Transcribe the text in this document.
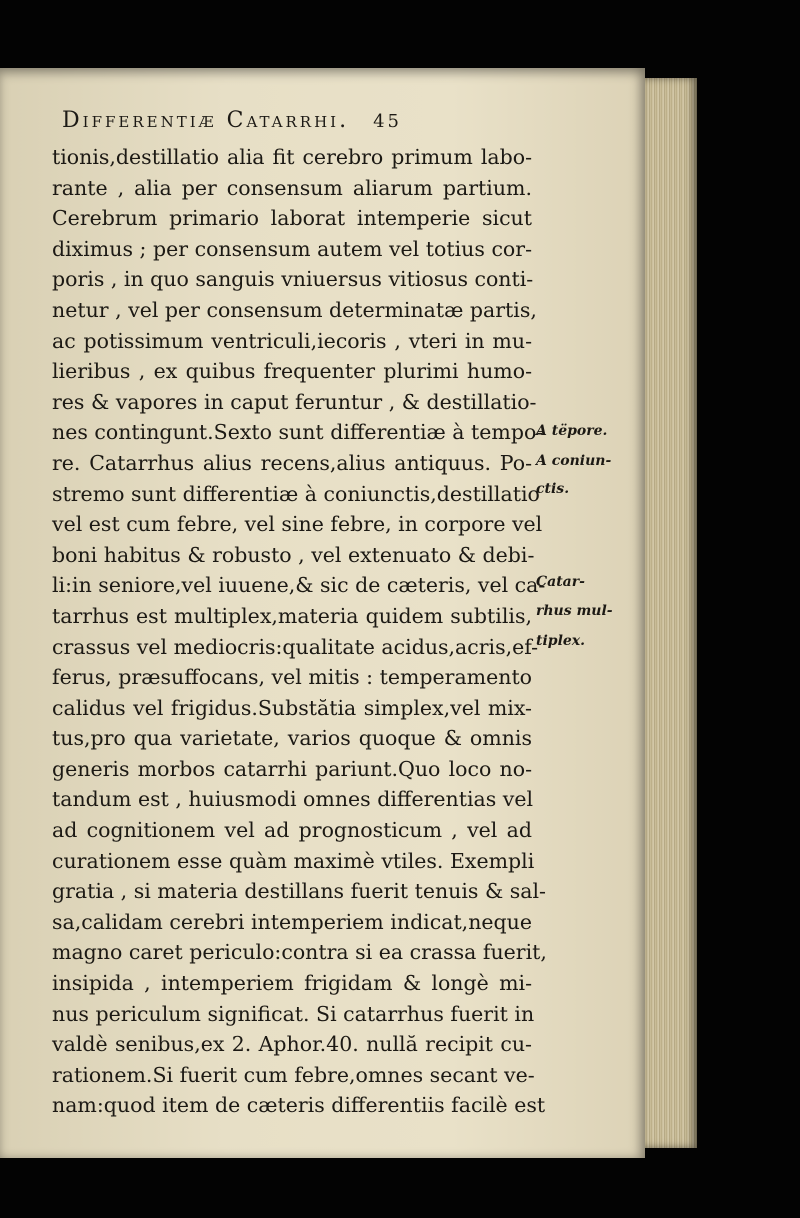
Differentiæ Catarrhi. 45
tionis,destillatio alia fit cerebro primum labo-
rante , alia per consensum aliarum partium.
Cerebrum primario laborat intemperie sicut
diximus ; per consensum autem vel totius cor-
poris , in quo sanguis vniuersus vitiosus conti-
netur , vel per consensum determinatæ partis,
ac potissimum ventriculi,iecoris , vteri in mu-
lieribus , ex quibus frequenter plurimi humo-
res & vapores in caput feruntur , & destillatio-
nes contingunt.Sexto sunt differentiæ à tempo-
re. Catarrhus alius recens,alius antiquus. Po-
stremo sunt differentiæ à coniunctis,destillatio
vel est cum febre, vel sine febre, in corpore vel
boni habitus & robusto , vel extenuato & debi-
li:in seniore,vel iuuene,& sic de cæteris, vel ca-
tarrhus est multiplex,materia quidem subtilis,
crassus vel mediocris:qualitate acidus,acris,ef-
ferus, præsuffocans, vel mitis : temperamento
calidus vel frigidus.Substătia simplex,vel mix-
tus,pro qua varietate, varios quoque & omnis
generis morbos catarrhi pariunt.Quo loco no-
tandum est , huiusmodi omnes differentias vel
ad cognitionem vel ad prognosticum , vel ad
curationem esse quàm maximè vtiles. Exempli
gratia , si materia destillans fuerit tenuis & sal-
sa,calidam cerebri intemperiem indicat,neque
magno caret periculo:contra si ea crassa fuerit,
insipida , intemperiem frigidam & longè mi-
nus periculum significat. Si catarrhus fuerit in
valdè senibus,ex 2. Aphor.40. nullă recipit cu-
rationem.Si fuerit cum febre,omnes secant ve-
nam:quod item de cæteris differentiis facilè est
A tëpore.
A coniun-
ctis.
Catar-
rhus mul-
tiplex.
